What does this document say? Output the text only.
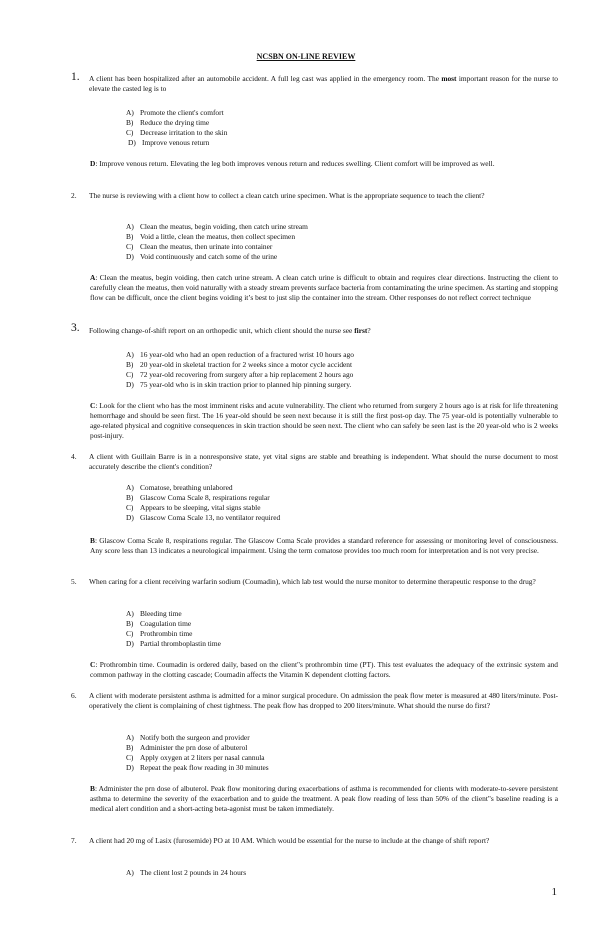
NCSBN ON-LINE REVIEW
1.	A client has been hospitalized after an automobile accident. A full leg cast was applied in the emergency room. The most important reason for the nurse to elevate the casted leg is to
A) Promote the client's comfort
B) Reduce the drying time
C) Decrease irritation to the skin
D) Improve venous return
D: Improve venous return. Elevating the leg both improves venous return and reduces swelling. Client comfort will be improved as well.
2.	The nurse is reviewing with a client how to collect a clean catch urine specimen. What is the appropriate sequence to teach the client?
A) Clean the meatus, begin voiding, then catch urine stream
B) Void a little, clean the meatus, then collect specimen
C) Clean the meatus, then urinate into container
D) Void continuously and catch some of the urine
A: Clean the meatus, begin voiding, then catch urine stream. A clean catch urine is difficult to obtain and requires clear directions. Instructing the client to carefully clean the meatus, then void naturally with a steady stream prevents surface bacteria from contaminating the urine specimen. As starting and stopping flow can be difficult, once the client begins voiding it’s best to just slip the container into the stream. Other responses do not reflect correct technique
3.	Following change-of-shift report on an orthopedic unit, which client should the nurse see first?
A) 16 year-old who had an open reduction of a fractured wrist 10 hours ago
B) 20 year-old in skeletal traction for 2 weeks since a motor cycle accident
C) 72 year-old recovering from surgery after a hip replacement 2 hours ago
D) 75 year-old who is in skin traction prior to planned hip pinning surgery.
C: Look for the client who has the most imminent risks and acute vulnerability. The client who returned from surgery 2 hours ago is at risk for life threatening hemorrhage and should be seen first. The 16 year-old should be seen next because it is still the first post-op day. The 75 year-old is potentially vulnerable to age-related physical and cognitive consequences in skin traction should be seen next. The client who can safely be seen last is the 20 year-old who is 2 weeks post-injury.
4.	A client with Guillain Barre is in a nonresponsive state, yet vital signs are stable and breathing is independent. What should the nurse document to most accurately describe the client's condition?
A) Comatose, breathing unlabored
B) Glascow Coma Scale 8, respirations regular
C) Appears to be sleeping, vital signs stable
D) Glascow Coma Scale 13, no ventilator required
B: Glascow Coma Scale 8, respirations regular. The Glascow Coma Scale provides a standard reference for assessing or monitoring level of consciousness. Any score less than 13 indicates a neurological impairment. Using the term comatose provides too much room for interpretation and is not very precise.
5.	When caring for a client receiving warfarin sodium (Coumadin), which lab test would the nurse monitor to determine therapeutic response to the drug?
A) Bleeding time
B) Coagulation time
C) Prothrombin time
D) Partial thromboplastin time
C: Prothrombin time. Coumadin is ordered daily, based on the client"s prothrombin time (PT). This test evaluates the adequacy of the extrinsic system and common pathway in the clotting cascade; Coumadin affects the Vitamin K dependent clotting factors.
6.	A client with moderate persistent asthma is admitted for a minor surgical procedure. On admission the peak flow meter is measured at 480 liters/minute. Post-operatively the client is complaining of chest tightness. The peak flow has dropped to 200 liters/minute. What should the nurse do first?
A) Notify both the surgeon and provider
B) Administer the prn dose of albuterol
C) Apply oxygen at 2 liters per nasal cannula
D) Repeat the peak flow reading in 30 minutes
B: Administer the prn dose of albuterol. Peak flow monitoring during exacerbations of asthma is recommended for clients with moderate-to-severe persistent asthma to determine the severity of the exacerbation and to guide the treatment. A peak flow reading of less than 50% of the client"s baseline reading is a medical alert condition and a short-acting beta-agonist must be taken immediately.
7.	A client had 20 mg of Lasix (furosemide) PO at 10 AM. Which would be essential for the nurse to include at the change of shift report?
A) The client lost 2 pounds in 24 hours
1
